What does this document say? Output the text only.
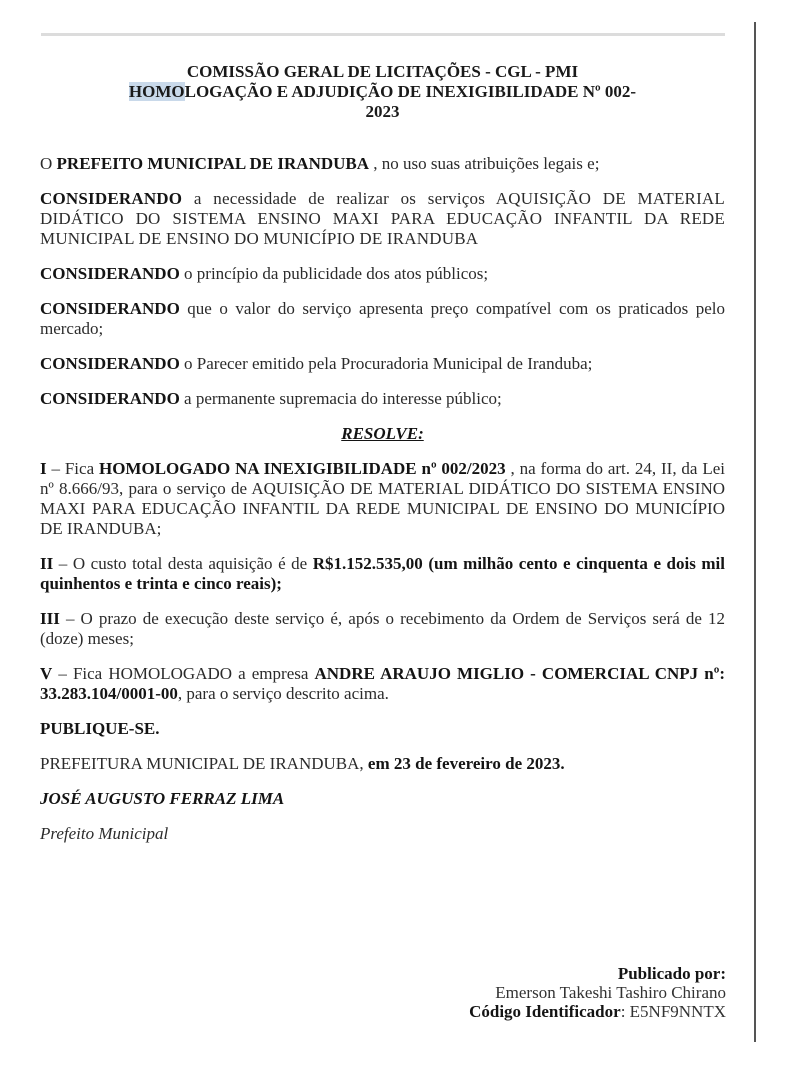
COMISSÃO GERAL DE LICITAÇÕES - CGL - PMI
HOMOLOGAÇÃO E ADJUDIÇÃO DE INEXIGIBILIDADE Nº 002-
2023

O PREFEITO MUNICIPAL DE IRANDUBA , no uso suas atribuições legais e;

CONSIDERANDO a necessidade de realizar os serviços AQUISIÇÃO DE MATERIAL DIDÁTICO DO SISTEMA ENSINO MAXI PARA EDUCAÇÃO INFANTIL DA REDE MUNICIPAL DE ENSINO DO MUNICÍPIO DE IRANDUBA

CONSIDERANDO o princípio da publicidade dos atos públicos;

CONSIDERANDO que o valor do serviço apresenta preço compatível com os praticados pelo mercado;

CONSIDERANDO o Parecer emitido pela Procuradoria Municipal de Iranduba;

CONSIDERANDO a permanente supremacia do interesse público;

RESOLVE:

I – Fica HOMOLOGADO NA INEXIGIBILIDADE nº 002/2023 , na forma do art. 24, II, da Lei nº 8.666/93, para o serviço de AQUISIÇÃO DE MATERIAL DIDÁTICO DO SISTEMA ENSINO MAXI PARA EDUCAÇÃO INFANTIL DA REDE MUNICIPAL DE ENSINO DO MUNICÍPIO DE IRANDUBA;

II – O custo total desta aquisição é de R$1.152.535,00 (um milhão cento e cinquenta e dois mil quinhentos e trinta e cinco reais);

III – O prazo de execução deste serviço é, após o recebimento da Ordem de Serviços será de 12 (doze) meses;

V – Fica HOMOLOGADO a empresa ANDRE ARAUJO MIGLIO - COMERCIAL CNPJ nº: 33.283.104/0001-00, para o serviço descrito acima.

PUBLIQUE-SE.

PREFEITURA MUNICIPAL DE IRANDUBA, em 23 de fevereiro de 2023.

JOSÉ AUGUSTO FERRAZ LIMA

Prefeito Municipal

Publicado por:
Emerson Takeshi Tashiro Chirano
Código Identificador: E5NF9NNTX
